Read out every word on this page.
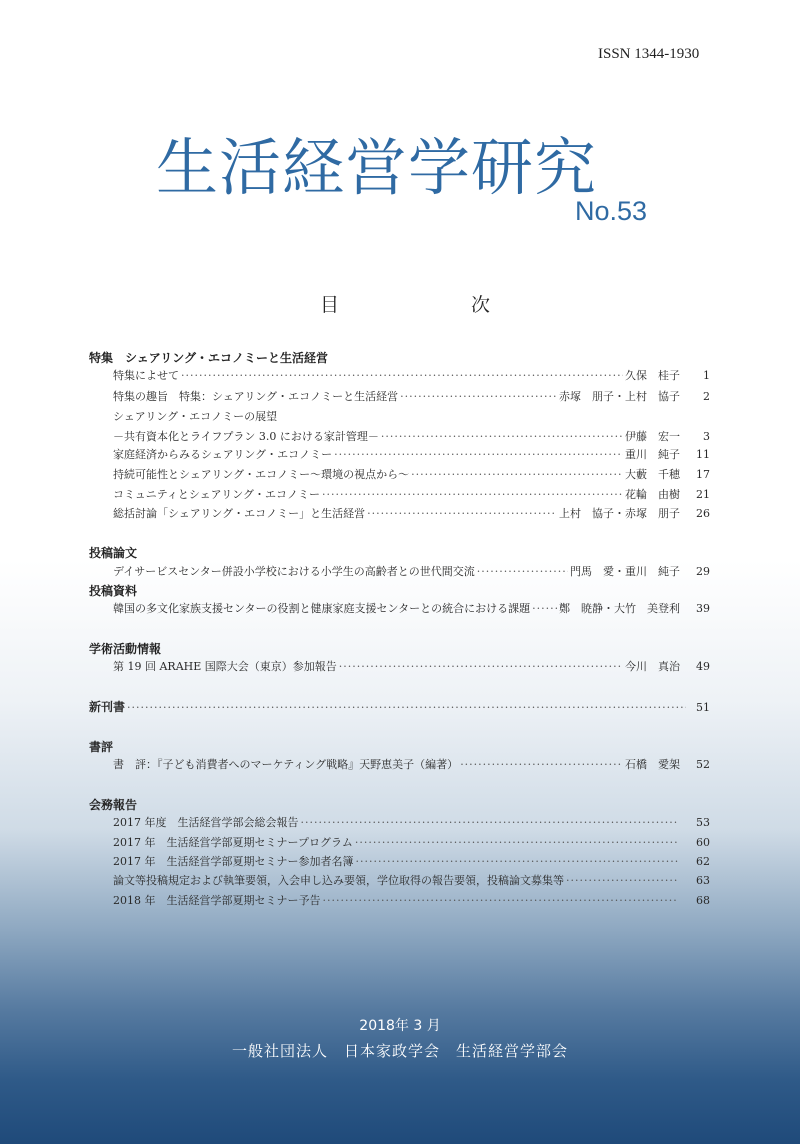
ISSN 1344-1930
生活経営学研究
No.53
目	次
特集　シェアリング・エコノミーと生活経営
特集によせて ·····	久保　桂子	1
特集の趣旨　特集：シェアリング・エコノミーと生活経営 ·····	赤塚　朋子・上村　協子	2
シェアリング・エコノミーの展望
－共有資本化とライフプラン 3.0 における家計管理－ ·····	伊藤　宏一	3
家庭経済からみるシェアリング・エコノミー ·····	重川　純子	11
持続可能性とシェアリング・エコノミー～環境の視点から～ ·····	大藪　千穂	17
コミュニティとシェアリング・エコノミー ·····	花輪　由樹	21
総括討論「シェアリング・エコノミー」と生活経営 ·····	上村　協子・赤塚　朋子	26
投稿論文
デイサービスセンター併設小学校における小学生の高齢者との世代間交流 ·····	門馬　愛・重川　純子	29
投稿資料
韓国の多文化家族支援センターの役割と健康家庭支援センターとの統合における課題 ·····	鄭　暁静・大竹　美登利	39
学術活動情報
第 19 回 ARAHE 国際大会（東京）参加報告 ·····	今川　真治	49
新刊書 ·····	51
書評
書　評：『子ども消費者へのマーケティング戦略』天野恵美子（編著） ·····	石橋　愛架	52
会務報告
2017 年度　生活経営学部会総会報告 ·····	53
2017 年　生活経営学部夏期セミナープログラム ·····	60
2017 年　生活経営学部夏期セミナー参加者名簿 ·····	62
論文等投稿規定および執筆要領，入会申し込み要領，学位取得の報告要領，投稿論文募集等 ·····	63
2018 年　生活経営学部夏期セミナー予告 ·····	68
2018年 3 月
一般社団法人　日本家政学会　生活経営学部会
